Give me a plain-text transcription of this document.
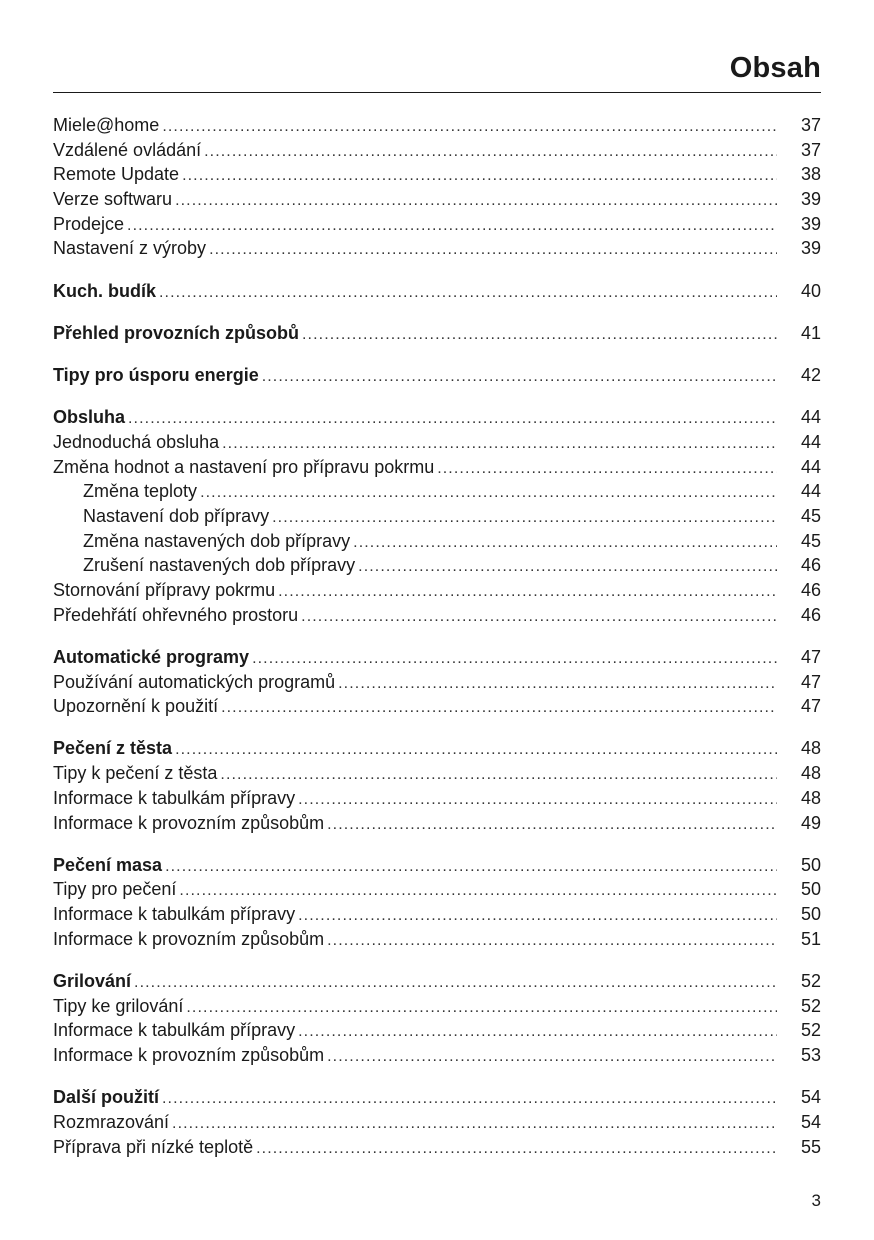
Obsah
Miele@home .....	37
Vzdálené ovládání .....	37
Remote Update .....	38
Verze softwaru .....	39
Prodejce .....	39
Nastavení z výroby .....	39
Kuch. budík .....	40
Přehled provozních způsobů .....	41
Tipy pro úsporu energie .....	42
Obsluha .....	44
Jednoduchá obsluha .....	44
Změna hodnot a nastavení pro přípravu pokrmu .....	44
Změna teploty .....	44
Nastavení dob přípravy .....	45
Změna nastavených dob přípravy .....	45
Zrušení nastavených dob přípravy .....	46
Stornování přípravy pokrmu .....	46
Předehřátí ohřevného prostoru .....	46
Automatické programy .....	47
Používání automatických programů .....	47
Upozornění k použití .....	47
Pečení z těsta .....	48
Tipy k pečení z těsta .....	48
Informace k tabulkám přípravy .....	48
Informace k provozním způsobům .....	49
Pečení masa .....	50
Tipy pro pečení .....	50
Informace k tabulkám přípravy .....	50
Informace k provozním způsobům .....	51
Grilování .....	52
Tipy ke grilování .....	52
Informace k tabulkám přípravy .....	52
Informace k provozním způsobům .....	53
Další použití .....	54
Rozmrazování .....	54
Příprava při nízké teplotě .....	55
3
